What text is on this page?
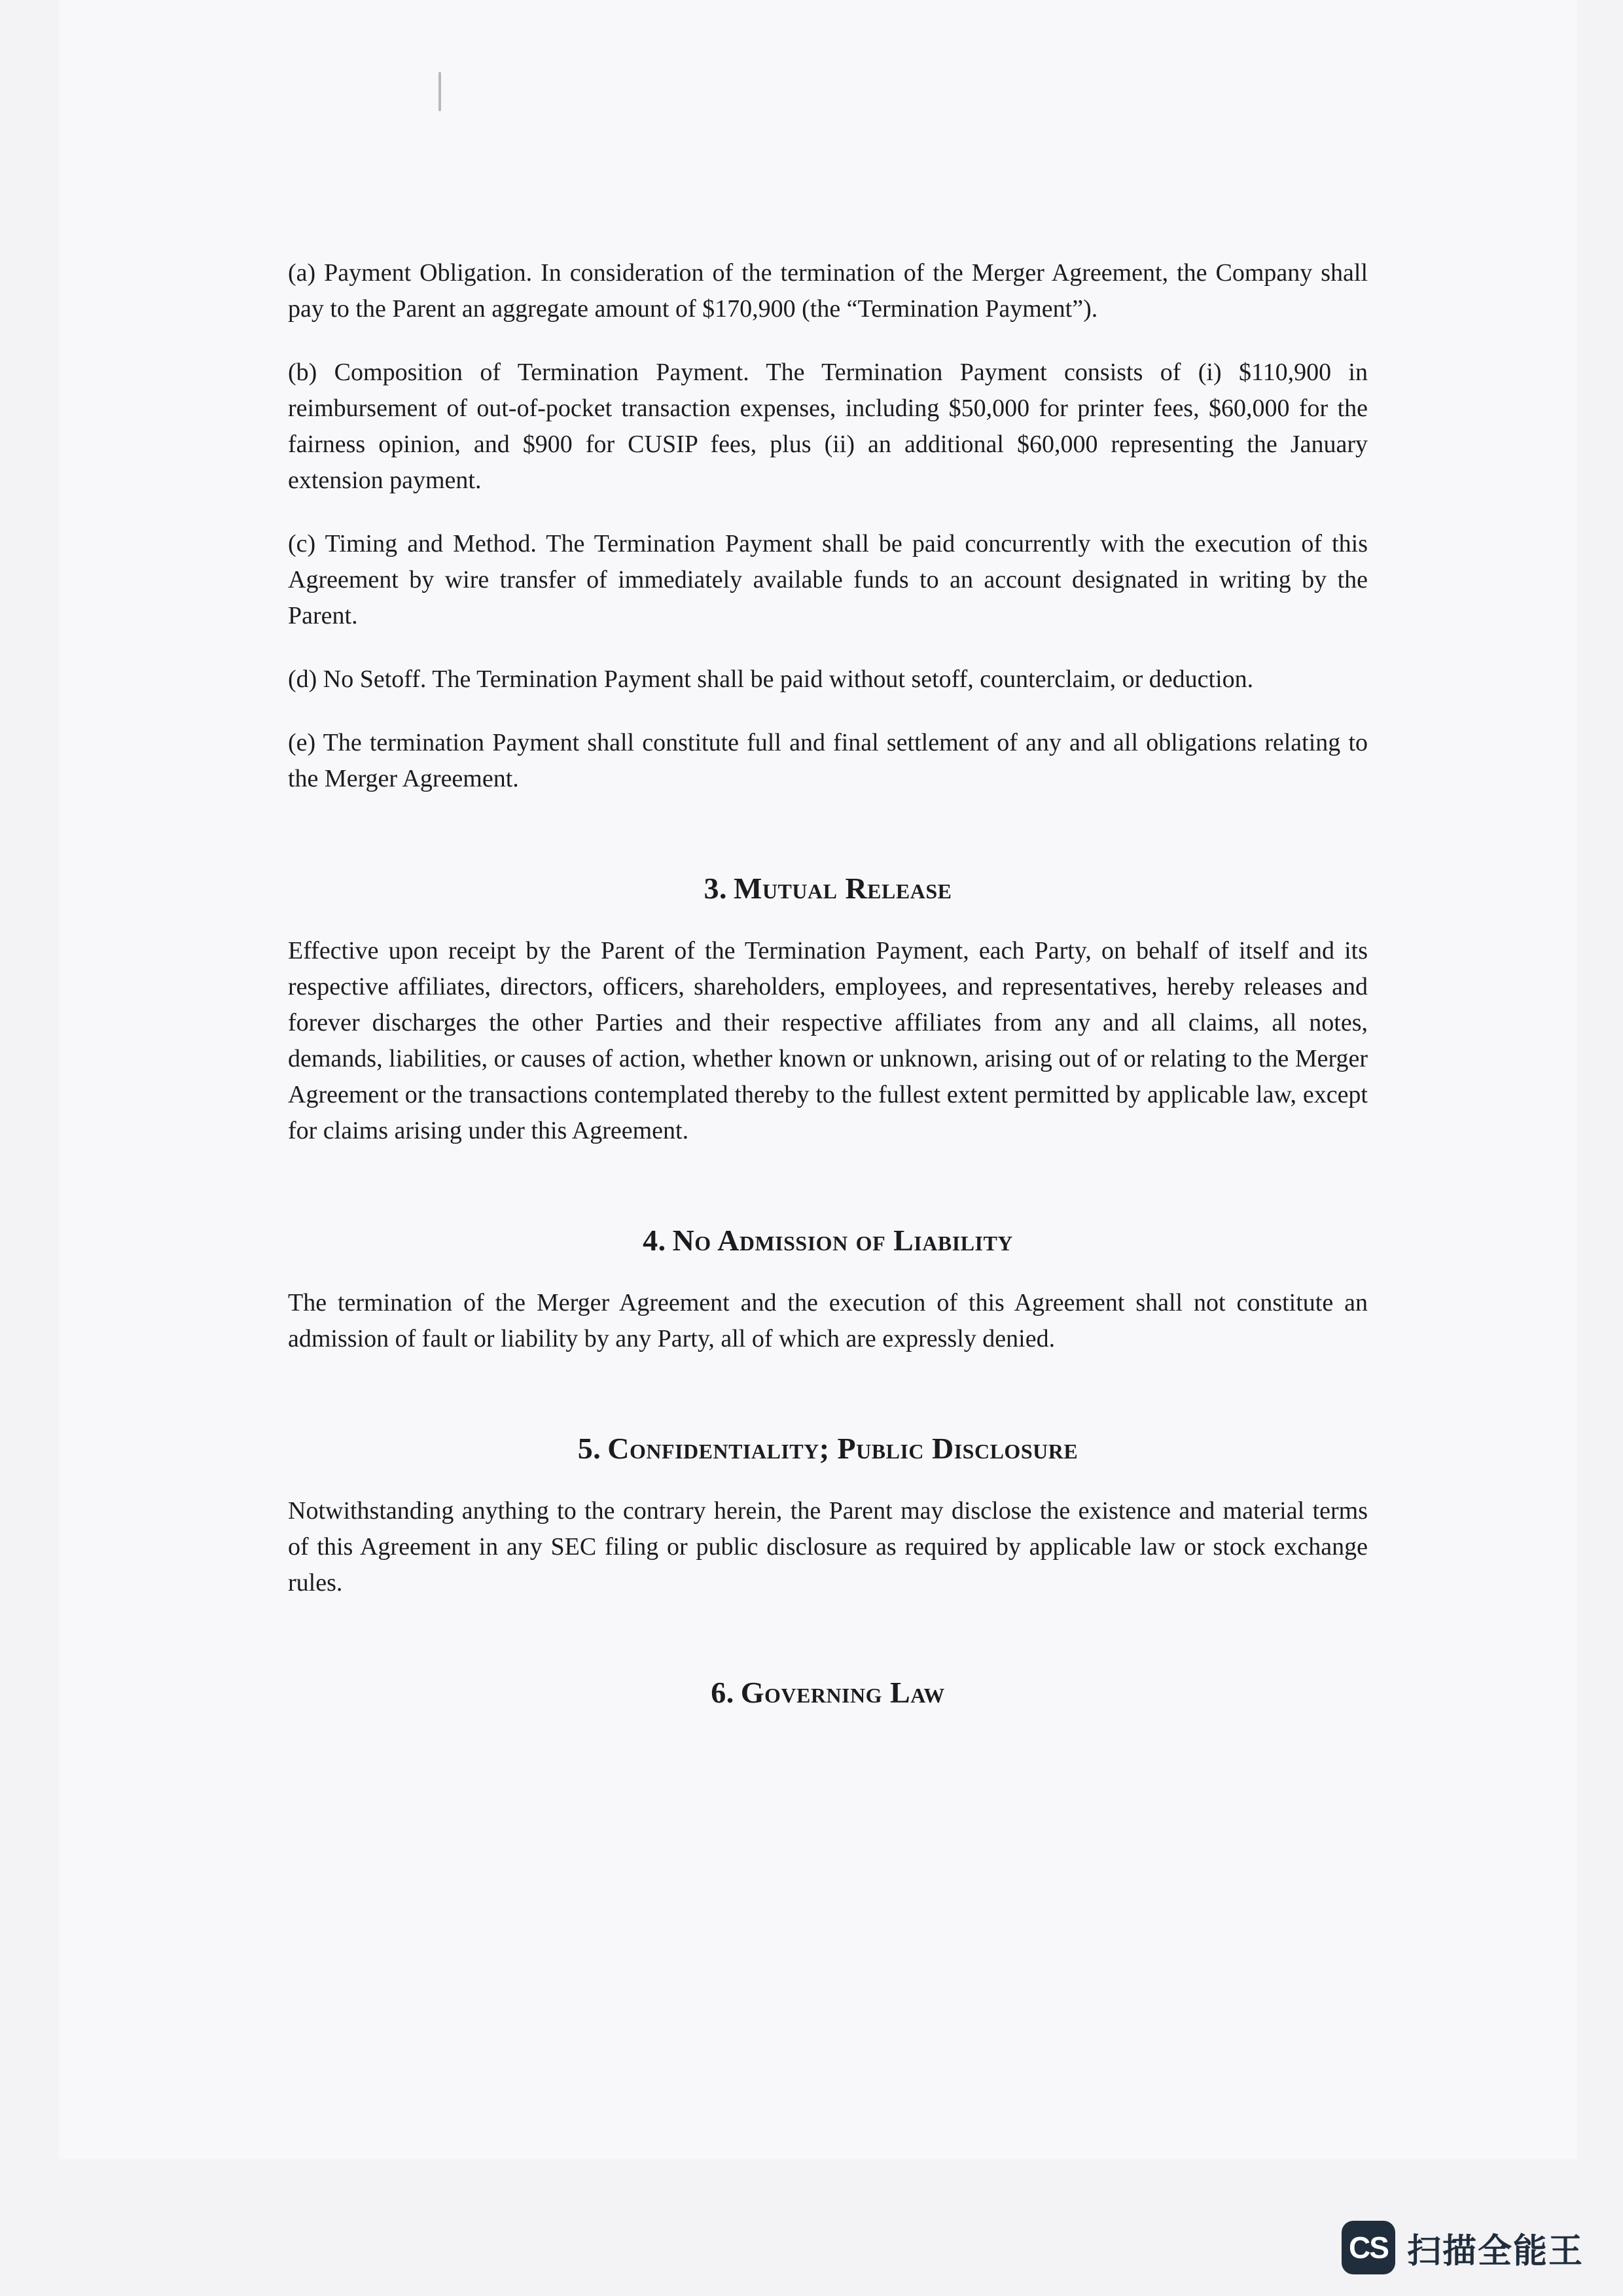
(a) Payment Obligation. In consideration of the termination of the Merger Agreement, the Company shall pay to the Parent an aggregate amount of $170,900 (the “Termination Payment”).

(b) Composition of Termination Payment. The Termination Payment consists of (i) $110,900 in reimbursement of out-of-pocket transaction expenses, including $50,000 for printer fees, $60,000 for the fairness opinion, and $900 for CUSIP fees, plus (ii) an additional $60,000 representing the January extension payment.

(c) Timing and Method. The Termination Payment shall be paid concurrently with the execution of this Agreement by wire transfer of immediately available funds to an account designated in writing by the Parent.

(d) No Setoff. The Termination Payment shall be paid without setoff, counterclaim, or deduction.

(e) The termination Payment shall constitute full and final settlement of any and all obligations relating to the Merger Agreement.

3. Mutual Release

Effective upon receipt by the Parent of the Termination Payment, each Party, on behalf of itself and its respective affiliates, directors, officers, shareholders, employees, and representatives, hereby releases and forever discharges the other Parties and their respective affiliates from any and all claims, all notes, demands, liabilities, or causes of action, whether known or unknown, arising out of or relating to the Merger Agreement or the transactions contemplated thereby to the fullest extent permitted by applicable law, except for claims arising under this Agreement.

4. No Admission of Liability

The termination of the Merger Agreement and the execution of this Agreement shall not constitute an admission of fault or liability by any Party, all of which are expressly denied.

5. Confidentiality; Public Disclosure

Notwithstanding anything to the contrary herein, the Parent may disclose the existence and material terms of this Agreement in any SEC filing or public disclosure as required by applicable law or stock exchange rules.

6. Governing Law
CS 扫描全能王
